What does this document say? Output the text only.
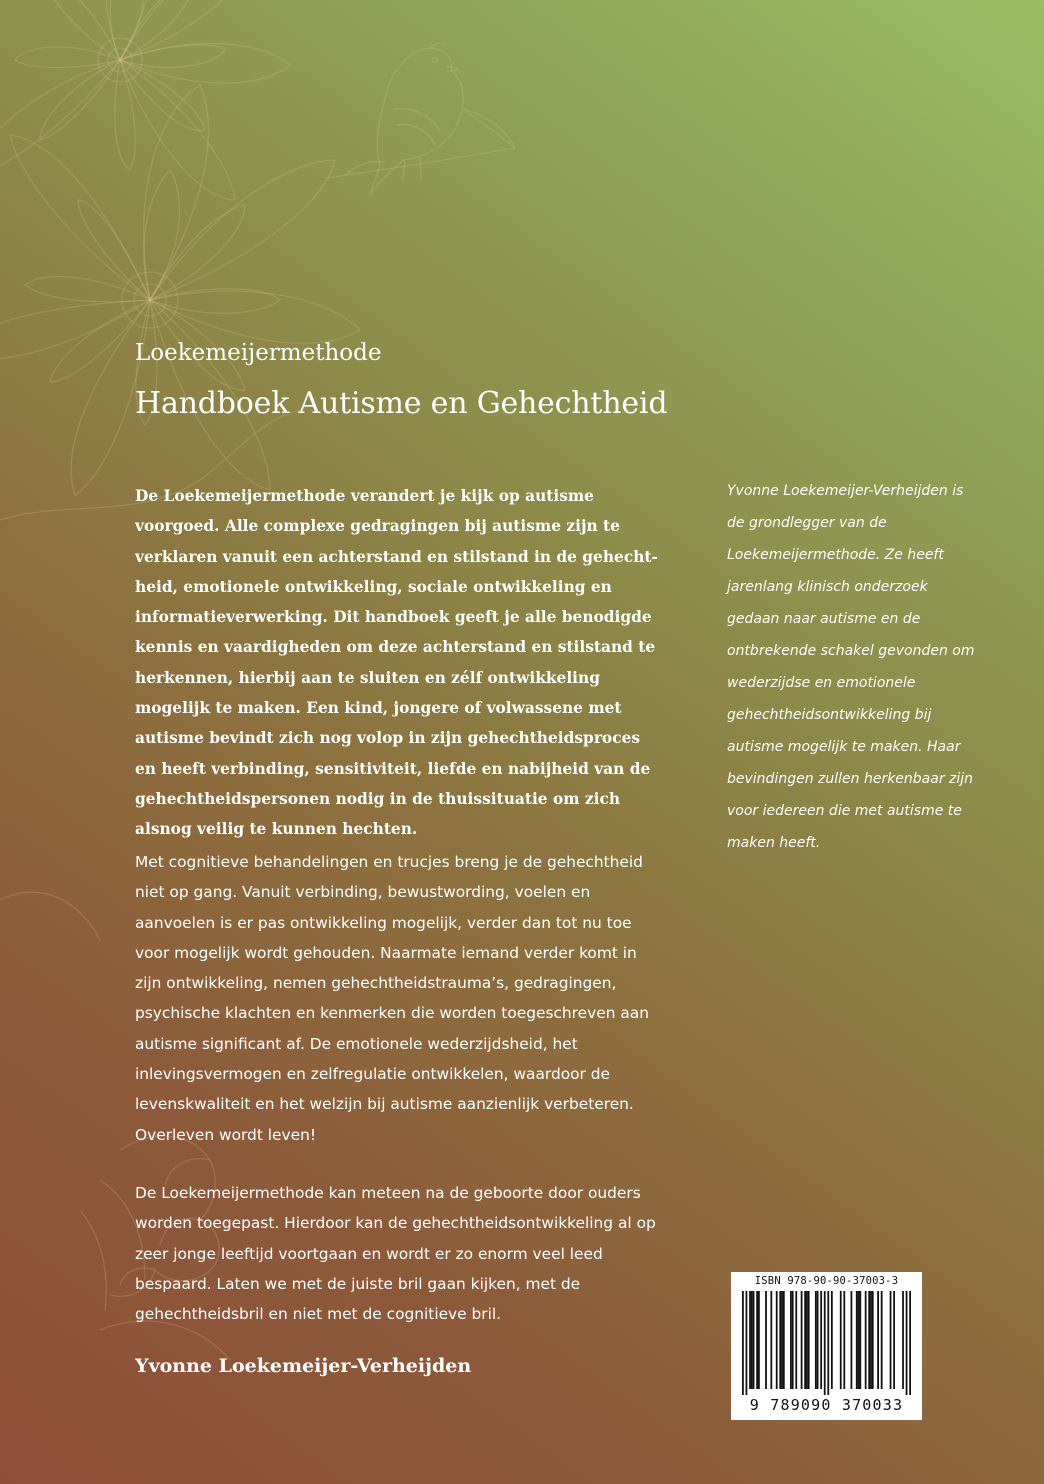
Loekemeijermethode
Handboek Autisme en Gehechtheid

De Loekemeijermethode verandert je kijk op autisme voorgoed. Alle complexe gedragingen bij autisme zijn te verklaren vanuit een achterstand en stilstand in de gehechtheid, emotionele ontwikkeling, sociale ontwikkeling en informatieverwerking. Dit handboek geeft je alle benodigde kennis en vaardigheden om deze achterstand en stilstand te herkennen, hierbij aan te sluiten en zélf ontwikkeling mogelijk te maken. Een kind, jongere of volwassene met autisme bevindt zich nog volop in zijn gehechtheidsproces en heeft verbinding, sensitiviteit, liefde en nabijheid van de gehechtheidspersonen nodig in de thuissituatie om zich alsnog veilig te kunnen hechten.

Met cognitieve behandelingen en trucjes breng je de gehechtheid niet op gang. Vanuit verbinding, bewustwording, voelen en aanvoelen is er pas ontwikkeling mogelijk, verder dan tot nu toe voor mogelijk wordt gehouden. Naarmate iemand verder komt in zijn ontwikkeling, nemen gehechtheidstrauma’s, gedragingen, psychische klachten en kenmerken die worden toegeschreven aan autisme significant af. De emotionele wederzijdsheid, het inlevingsvermogen en zelfregulatie ontwikkelen, waardoor de levenskwaliteit en het welzijn bij autisme aanzienlijk verbeteren. Overleven wordt leven!

De Loekemeijermethode kan meteen na de geboorte door ouders worden toegepast. Hierdoor kan de gehechtheidsontwikkeling al op zeer jonge leeftijd voortgaan en wordt er zo enorm veel leed bespaard. Laten we met de juiste bril gaan kijken, met de gehechtheidsbril en niet met de cognitieve bril.

Yvonne Loekemeijer-Verheijden

Yvonne Loekemeijer-Verheijden is de grondlegger van de Loekemeijermethode. Ze heeft jarenlang klinisch onderzoek gedaan naar autisme en de ontbrekende schakel gevonden om wederzijdse en emotionele gehechtheidsontwikkeling bij autisme mogelijk te maken. Haar bevindingen zullen herkenbaar zijn voor iedereen die met autisme te maken heeft.

ISBN 978-90-90-37003-3
9 789090 370033
